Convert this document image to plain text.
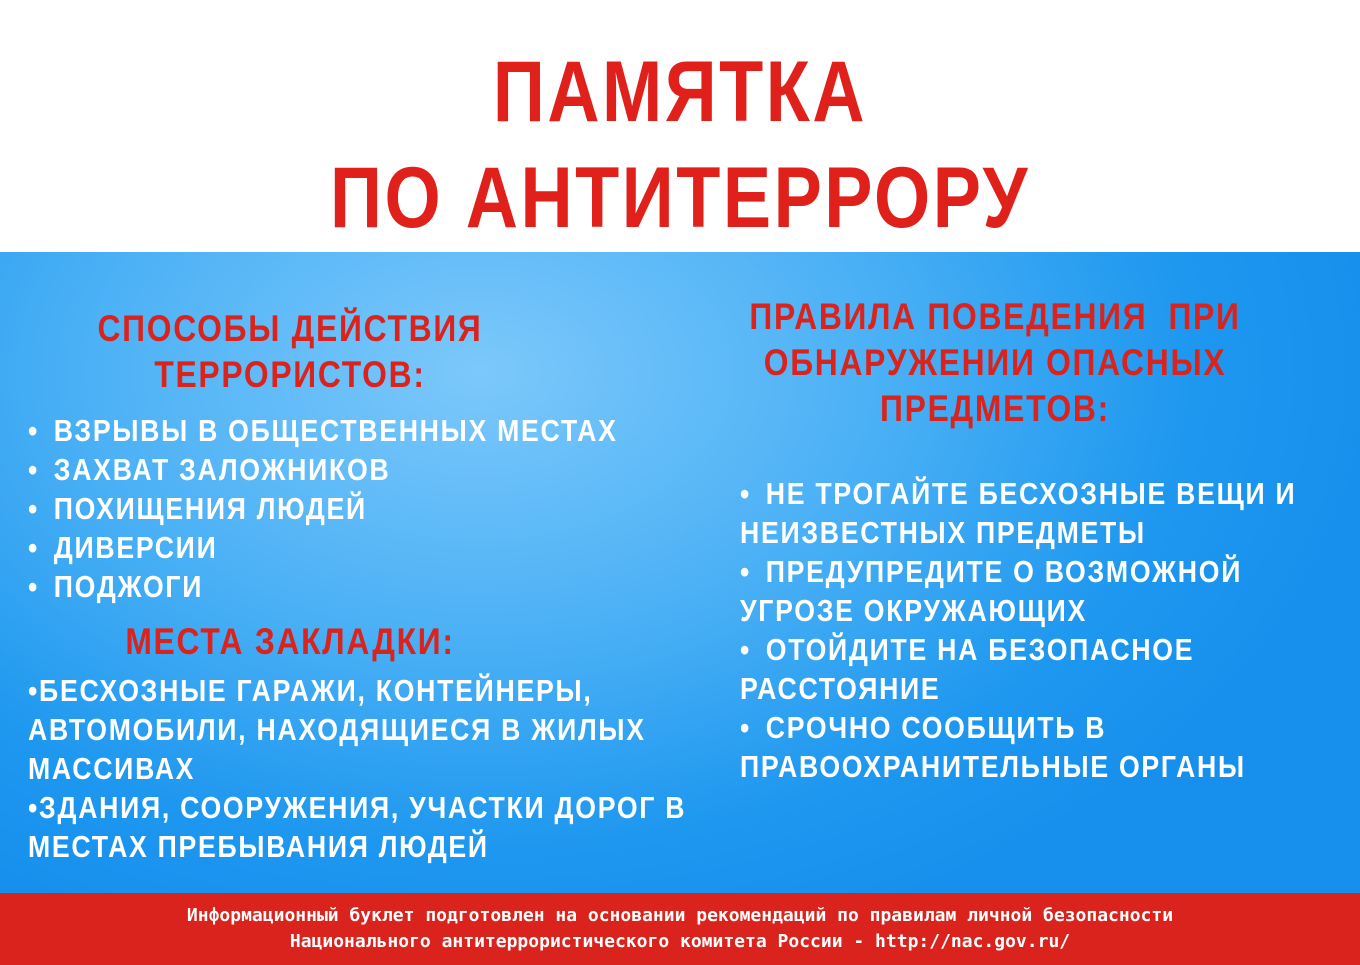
ПАМЯТКА
ПО АНТИТЕРРОРУ
СПОСОБЫ ДЕЙСТВИЯ
ТЕРРОРИСТОВ:
• ВЗРЫВЫ В ОБЩЕСТВЕННЫХ МЕСТАХ
• ЗАХВАТ ЗАЛОЖНИКОВ
• ПОХИЩЕНИЯ ЛЮДЕЙ
• ДИВЕРСИИ
• ПОДЖОГИ
МЕСТА ЗАКЛАДКИ:
•БЕСХОЗНЫЕ ГАРАЖИ, КОНТЕЙНЕРЫ,
АВТОМОБИЛИ, НАХОДЯЩИЕСЯ В ЖИЛЫХ
МАССИВАХ
•ЗДАНИЯ, СООРУЖЕНИЯ, УЧАСТКИ ДОРОГ В
МЕСТАХ ПРЕБЫВАНИЯ ЛЮДЕЙ
ПРАВИЛА ПОВЕДЕНИЯ  ПРИ
ОБНАРУЖЕНИИ ОПАСНЫХ
ПРЕДМЕТОВ:
• НЕ ТРОГАЙТЕ БЕСХОЗНЫЕ ВЕЩИ И
НЕИЗВЕСТНЫХ ПРЕДМЕТЫ
• ПРЕДУПРЕДИТЕ О ВОЗМОЖНОЙ
УГРОЗЕ ОКРУЖАЮЩИХ
• ОТОЙДИТЕ НА БЕЗОПАСНОЕ
РАССТОЯНИЕ
• СРОЧНО СООБЩИТЬ В
ПРАВООХРАНИТЕЛЬНЫЕ ОРГАНЫ
Информационный буклет подготовлен на основании рекомендаций по правилам личной безопасности
Национального антитеррористического комитета России - http://nac.gov.ru/
